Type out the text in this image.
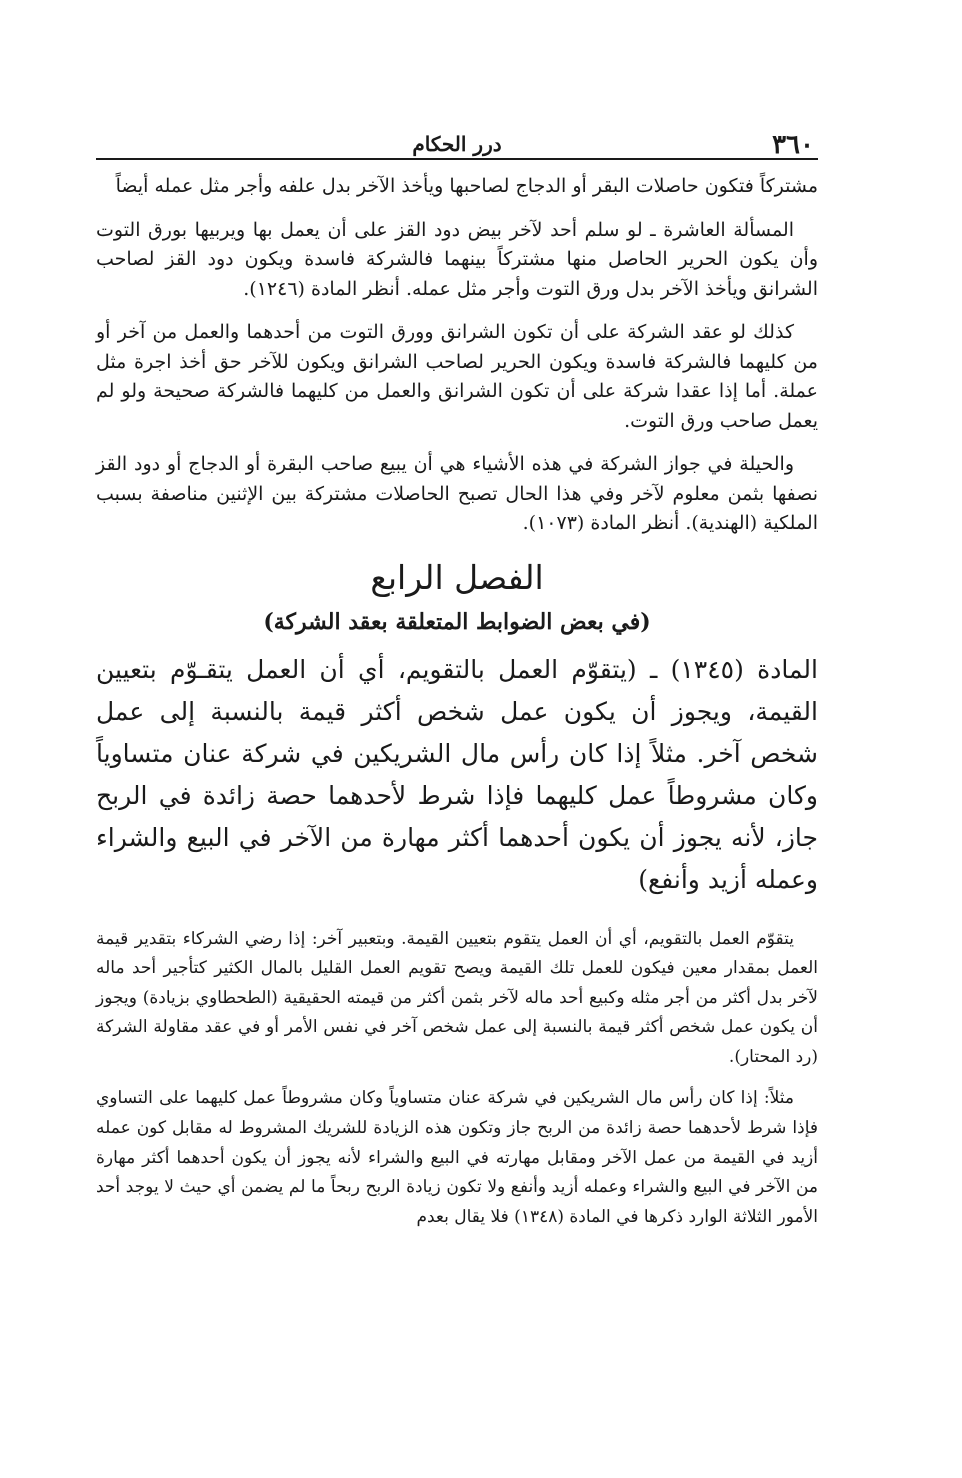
٣٦٠
درر الحكام

مشتركاً فتكون حاصلات البقر أو الدجاج لصاحبها ويأخذ الآخر بدل علفه وأجر مثل عمله أيضاً

المسألة العاشرة ـ لو سلم أحد لآخر بيض دود القز على أن يعمل بها ويربيها بورق التوت وأن يكون الحرير الحاصل منها مشتركاً بينهما فالشركة فاسدة ويكون دود القز لصاحب الشرانق ويأخذ الآخر بدل ورق التوت وأجر مثل عمله. أنظر المادة (١٢٤٦).

كذلك لو عقد الشركة على أن تكون الشرانق وورق التوت من أحدهما والعمل من آخر أو من كليهما فالشركة فاسدة ويكون الحرير لصاحب الشرانق ويكون للآخر حق أخذ اجرة مثل عملة. أما إذا عقدا شركة على أن تكون الشرانق والعمل من كليهما فالشركة صحيحة ولو لم يعمل صاحب ورق التوت.

والحيلة في جواز الشركة في هذه الأشياء هي أن يبيع صاحب البقرة أو الدجاج أو دود القز نصفها بثمن معلوم لآخر وفي هذا الحال تصبح الحاصلات مشتركة بين الإثنين مناصفة بسبب الملكية (الهندية). أنظر المادة (١٠٧٣).

الفصل الرابع
(في بعض الضوابط المتعلقة بعقد الشركة)

المادة (١٣٤٥) ـ (يتقوّم العمل بالتقويم، أي أن العمل يتقـوّم بتعيين القيمة، ويجوز أن يكون عمل شخص أكثر قيمة بالنسبة إلى عمل شخص آخر. مثلاً إذا كان رأس مال الشريكين في شركة عنان متساوياً وكان مشروطاً عمل كليهما فإذا شرط لأحدهما حصة زائدة في الربح جاز، لأنه يجوز أن يكون أحدهما أكثر مهارة من الآخر في البيع والشراء وعمله أزيد وأنفع)

يتقوّم العمل بالتقويم، أي أن العمل يتقوم بتعيين القيمة. وبتعبير آخر: إذا رضي الشركاء بتقدير قيمة العمل بمقدار معين فيكون للعمل تلك القيمة ويصح تقويم العمل القليل بالمال الكثير كتأجير أحد ماله لآخر بدل أكثر من أجر مثله وكبيع أحد ماله لآخر بثمن أكثر من قيمته الحقيقية (الطحطاوي بزيادة) ويجوز أن يكون عمل شخص أكثر قيمة بالنسبة إلى عمل شخص آخر في نفس الأمر أو في عقد مقاولة الشركة (رد المحتار).

مثلاً: إذا كان رأس مال الشريكين في شركة عنان متساوياً وكان مشروطاً عمل كليهما على التساوي فإذا شرط لأحدهما حصة زائدة من الربح جاز وتكون هذه الزيادة للشريك المشروط له مقابل كون عمله أزيد في القيمة من عمل الآخر ومقابل مهارته في البيع والشراء لأنه يجوز أن يكون أحدهما أكثر مهارة من الآخر في البيع والشراء وعمله أزيد وأنفع ولا تكون زيادة الربح ربحاً ما لم يضمن أي حيث لا يوجد أحد الأمور الثلاثة الوارد ذكرها في المادة (١٣٤٨) فلا يقال بعدم
